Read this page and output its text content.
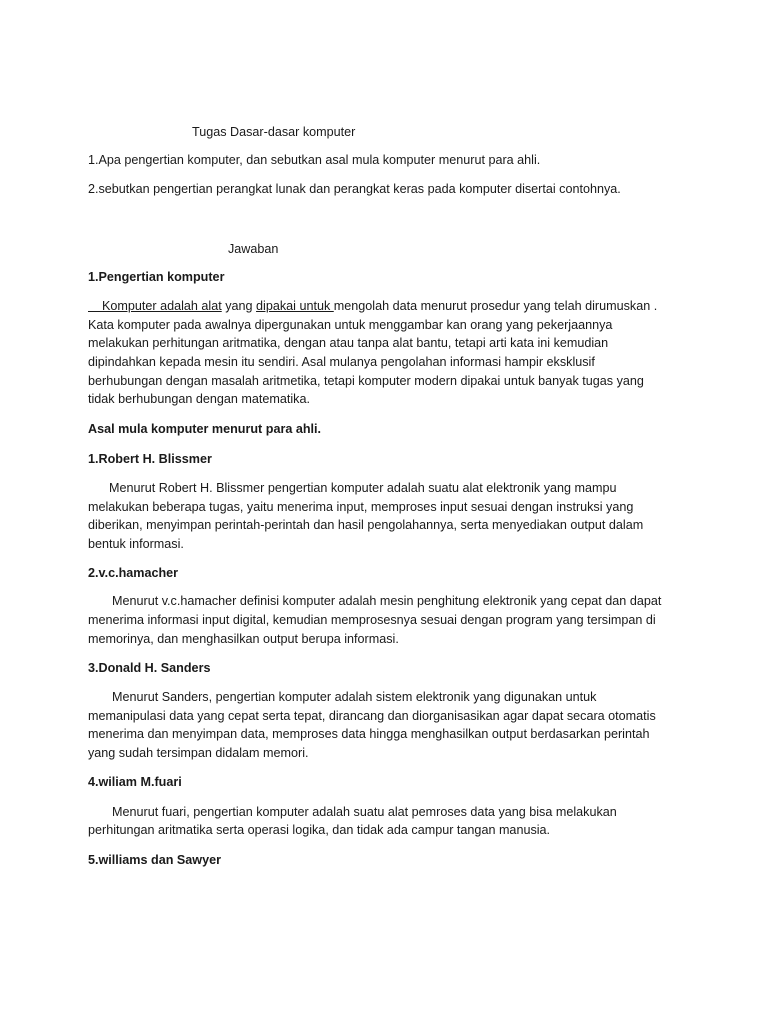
Tugas Dasar-dasar komputer
1.Apa pengertian komputer, dan sebutkan asal mula komputer menurut para ahli.
2.sebutkan pengertian perangkat lunak dan perangkat keras pada komputer disertai contohnya.
Jawaban
1.Pengertian komputer
Komputer adalah alat yang dipakai untuk mengolah data menurut prosedur yang telah dirumuskan .
Kata komputer pada awalnya dipergunakan untuk menggambar kan orang yang pekerjaannya
melakukan perhitungan aritmatika, dengan atau tanpa alat bantu, tetapi arti kata ini kemudian
dipindahkan kepada mesin itu sendiri. Asal mulanya pengolahan informasi hampir eksklusif
berhubungan dengan masalah aritmetika, tetapi komputer modern dipakai untuk banyak tugas yang
tidak berhubungan dengan matematika.
Asal mula komputer menurut para ahli.
1.Robert H. Blissmer
Menurut Robert H. Blissmer pengertian komputer adalah suatu alat elektronik yang mampu
melakukan beberapa tugas, yaitu menerima input, memproses input sesuai dengan instruksi yang
diberikan, menyimpan perintah-perintah dan hasil pengolahannya, serta menyediakan output dalam
bentuk informasi.
2.v.c.hamacher
Menurut v.c.hamacher definisi komputer adalah mesin penghitung elektronik yang cepat dan dapat
menerima informasi input digital, kemudian memprosesnya sesuai dengan program yang tersimpan di
memorinya, dan menghasilkan output berupa informasi.
3.Donald H. Sanders
Menurut Sanders, pengertian komputer adalah sistem elektronik yang digunakan untuk
memanipulasi data yang cepat serta tepat, dirancang dan diorganisasikan agar dapat secara otomatis
menerima dan menyimpan data, memproses data hingga menghasilkan output berdasarkan perintah
yang sudah tersimpan didalam memori.
4.wiliam M.fuari
Menurut fuari, pengertian komputer adalah suatu alat pemroses data yang bisa melakukan
perhitungan aritmatika serta operasi logika, dan tidak ada campur tangan manusia.
5.williams dan Sawyer
